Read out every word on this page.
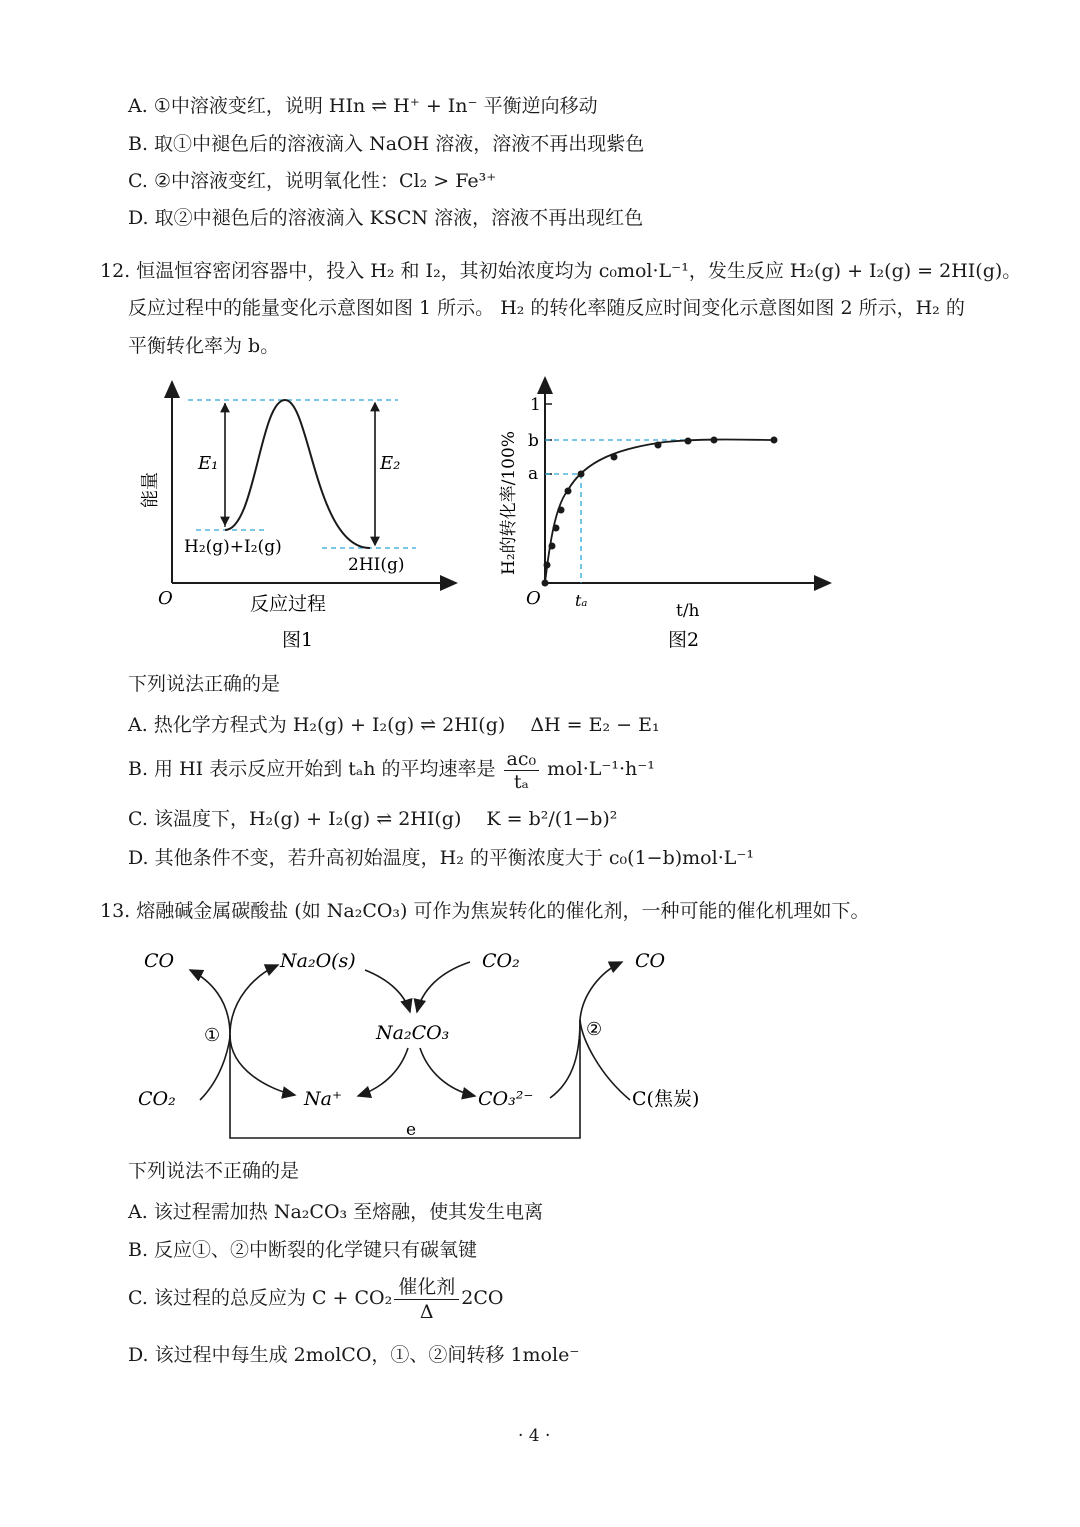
A. ①中溶液变红，说明 HIn ⇌ H⁺ + In⁻ 平衡逆向移动
B. 取①中褪色后的溶液滴入 NaOH 溶液，溶液不再出现紫色
C. ②中溶液变红，说明氧化性：Cl₂ > Fe³⁺
D. 取②中褪色后的溶液滴入 KSCN 溶液，溶液不再出现红色
12. 恒温恒容密闭容器中，投入 H₂ 和 I₂，其初始浓度均为 c₀mol·L⁻¹，发生反应 H₂(g) + I₂(g) = 2HI(g)。
反应过程中的能量变化示意图如图 1 所示。 H₂ 的转化率随反应时间变化示意图如图 2 所示，H₂ 的
平衡转化率为 b。
E₁	E₂
H₂(g)+I₂(g)
2HI(g)
O	反应过程
能量
图1
1
b
a
O tₐ
t/h
H₂的转化率/100%
图2
下列说法正确的是
A. 热化学方程式为 H₂(g) + I₂(g) ⇌ 2HI(g)　 ΔH = E₂ − E₁
B. 用 HI 表示反应开始到 tₐh 的平均速率是 $\frac{\text{ac₀}}{\text{tₐ}} mol\cdot L^{-1}\cdot h^{-1}$
C. 该温度下，H₂(g) + I₂(g) ⇌ 2HI(g)　 K = b²/(1−b)²
D. 其他条件不变，若升高初始温度，H₂ 的平衡浓度大于 c₀(1−b)mol·L⁻¹
13. 熔融碱金属碳酸盐 (如 Na₂CO₃) 可作为焦炭转化的催化剂，一种可能的催化机理如下。
CO	Na₂O(s)	CO₂	CO
①	②
Na₂CO₃
CO₂	Na⁺	CO₃²⁻	C(焦炭)
e
下列说法不正确的是
A. 该过程需加热 Na₂CO₃ 至熔融，使其发生电离
B. 反应①、②中断裂的化学键只有碳氧键
C. 该过程的总反应为 C + CO₂
催化剂
Δ
2CO
D. 该过程中每生成 2molCO，①、②间转移 1mole⁻
· 4 ·
